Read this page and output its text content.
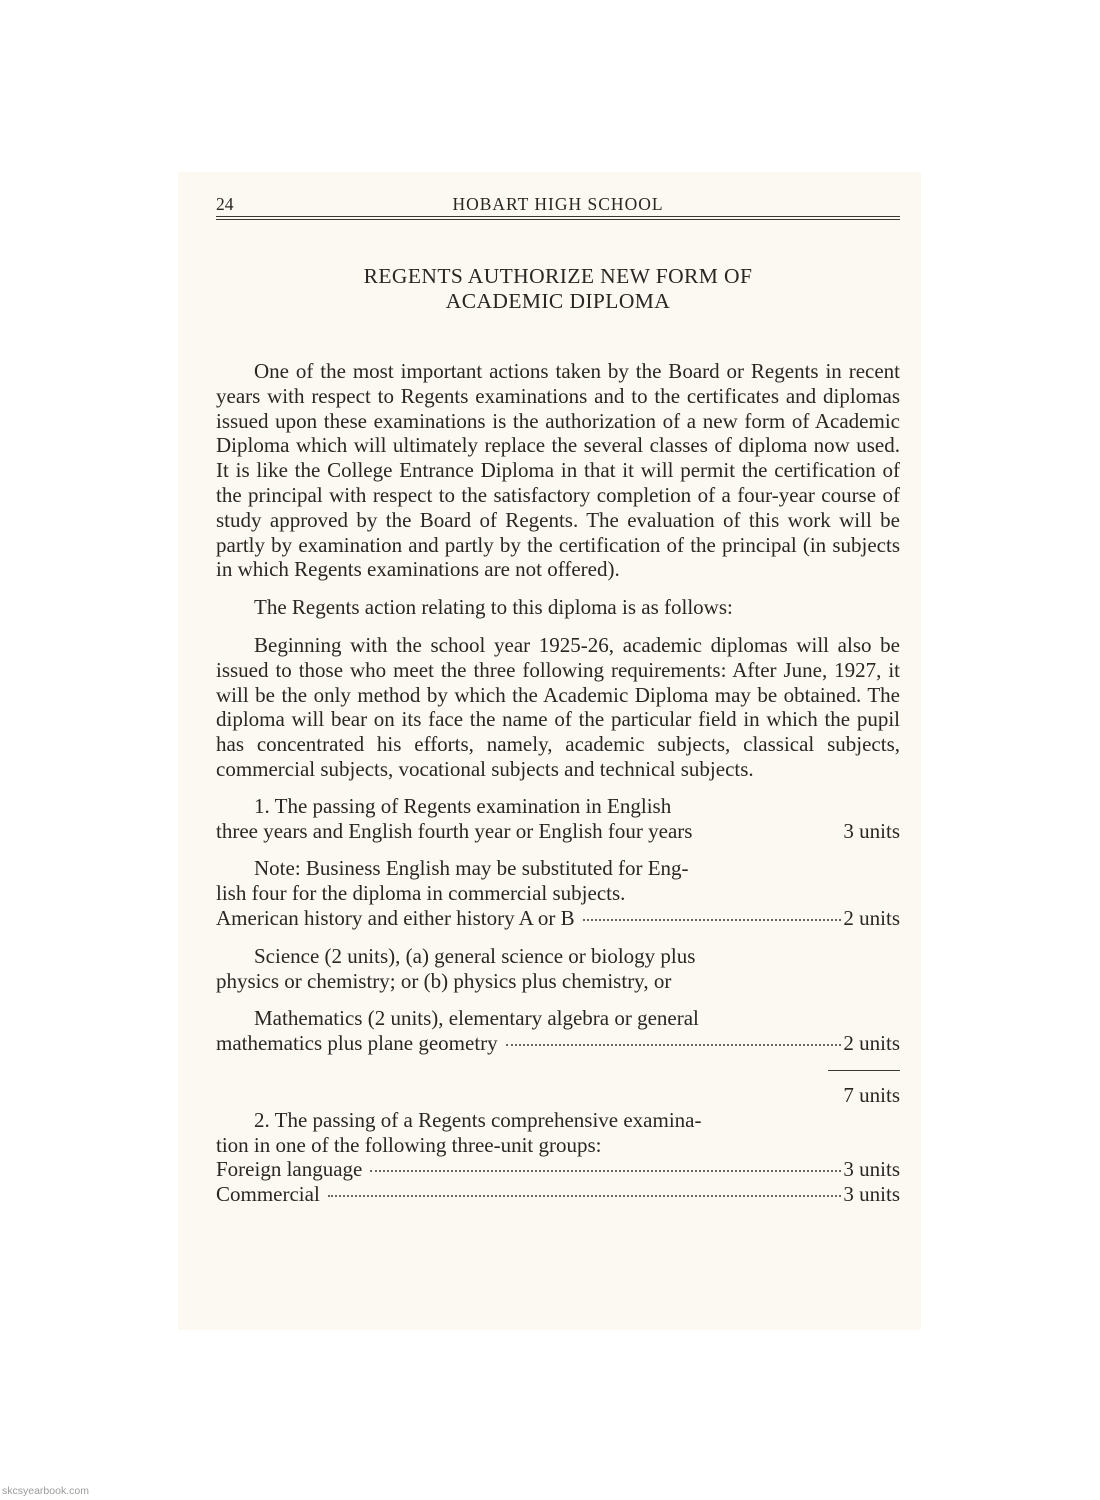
24	HOBART HIGH SCHOOL
REGENTS AUTHORIZE NEW FORM OF
ACADEMIC DIPLOMA

One of the most important actions taken by the Board or Regents in recent years with respect to Regents examinations and to the certificates and diplomas issued upon these examinations is the authorization of a new form of Academic Diploma which will ultimately replace the several classes of diploma now used. It is like the College Entrance Diploma in that it will permit the certification of the principal with respect to the satisfactory completion of a four-year course of study approved by the Board of Regents. The evaluation of this work will be partly by examination and partly by the certification of the principal (in subjects in which Regents examinations are not offered).

The Regents action relating to this diploma is as follows:

Beginning with the school year 1925-26, academic diplomas will also be issued to those who meet the three following requirements: After June, 1927, it will be the only method by which the Academic Diploma may be obtained. The diploma will bear on its face the name of the particular field in which the pupil has concentrated his efforts, namely, academic subjects, classical subjects, commercial subjects, vocational subjects and technical subjects.

1. The passing of Regents examination in English
three years and English fourth year or English four years	3 units
Note: Business English may be substituted for Eng-
lish four for the diploma in commercial subjects.
American history and either history A or B	2 units
Science (2 units), (a) general science or biology plus
physics or chemistry; or (b) physics plus chemistry, or
Mathematics (2 units), elementary algebra or general
mathematics plus plane geometry	2 units
7 units
2. The passing of a Regents comprehensive examina-
tion in one of the following three-unit groups:
Foreign language	3 units
Commercial	3 units
skcsyearbook.com
